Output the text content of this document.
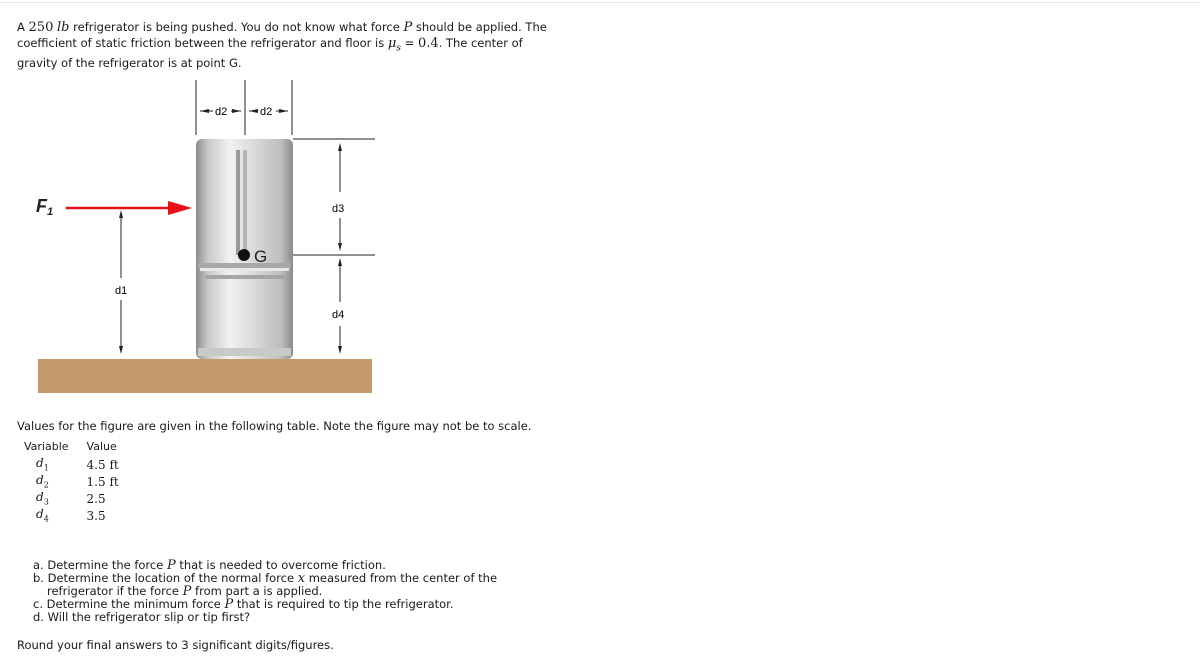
A 250 lb refrigerator is being pushed. You do not know what force P should be applied. The coefficient of static friction between the refrigerator and floor is $\mu_s = 0.4$. The center of gravity of the refrigerator is at point G.

d2	d2
d3
d4
d1
F1
G
Values for the figure are given in the following table. Note the figure may not be to scale.
Variable	Value
$d_1$	4.5 ft
$d_2$	1.5 ft
$d_3$	2.5
$d_4$	3.5
a. Determine the force P that is needed to overcome friction.
b. Determine the location of the normal force x measured from the center of the refrigerator if the force P from part a is applied.
c. Determine the minimum force P that is required to tip the refrigerator.
d. Will the refrigerator slip or tip first?
Round your final answers to 3 significant digits/figures.
